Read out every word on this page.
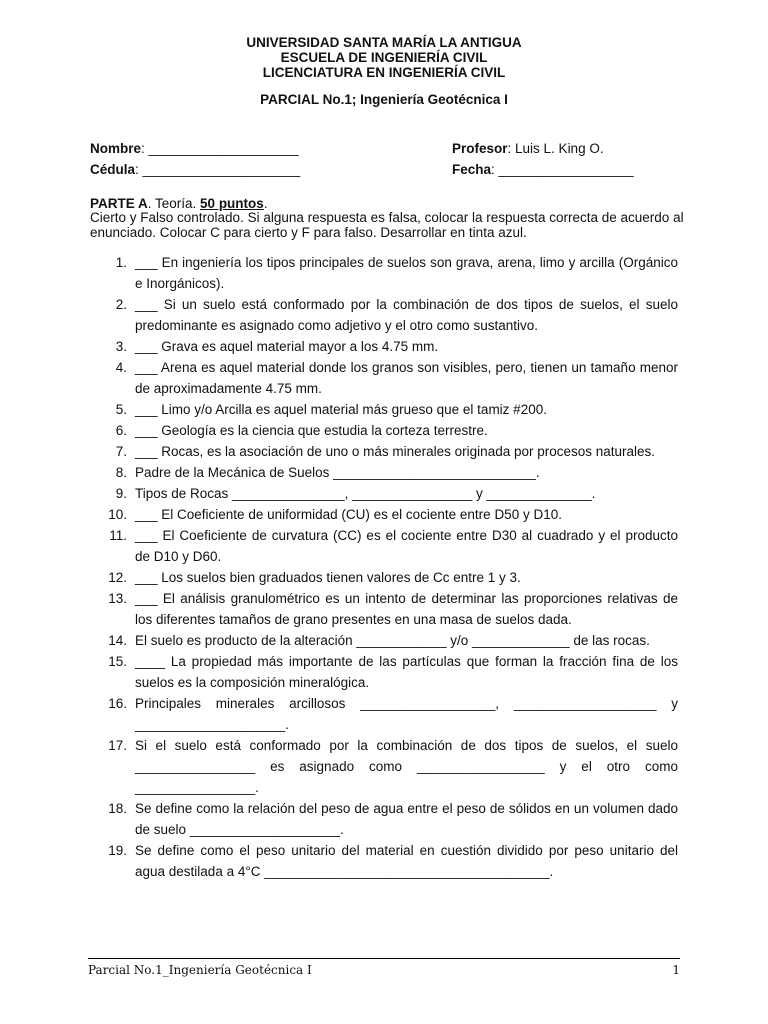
UNIVERSIDAD SANTA MARÍA LA ANTIGUA
ESCUELA DE INGENIERÍA CIVIL
LICENCIATURA EN INGENIERÍA CIVIL
PARCIAL No.1; Ingeniería Geotécnica I
Nombre: ____________________
Cédula: _____________________
Profesor: Luis L. King O.
Fecha: __________________
PARTE A. Teoría. 50 puntos.
Cierto y Falso controlado. Si alguna respuesta es falsa, colocar la respuesta correcta de acuerdo al enunciado. Colocar C para cierto y F para falso. Desarrollar en tinta azul.
1. ___ En ingeniería los tipos principales de suelos son grava, arena, limo y arcilla (Orgánico e Inorgánicos).
2. ___ Si un suelo está conformado por la combinación de dos tipos de suelos, el suelo predominante es asignado como adjetivo y el otro como sustantivo.
3. ___ Grava es aquel material mayor a los 4.75 mm.
4. ___ Arena es aquel material donde los granos son visibles, pero, tienen un tamaño menor de aproximadamente 4.75 mm.
5. ___ Limo y/o Arcilla es aquel material más grueso que el tamiz #200.
6. ___ Geología es la ciencia que estudia la corteza terrestre.
7. ___ Rocas, es la asociación de uno o más minerales originada por procesos naturales.
8. Padre de la Mecánica de Suelos ___________________________.
9. Tipos de Rocas _______________, ________________ y ______________.
10. ___ El Coeficiente de uniformidad (CU) es el cociente entre D50 y D10.
11. ___ El Coeficiente de curvatura (CC) es el cociente entre D30 al cuadrado y el producto de D10 y D60.
12. ___ Los suelos bien graduados tienen valores de Cc entre 1 y 3.
13. ___ El análisis granulométrico es un intento de determinar las proporciones relativas de los diferentes tamaños de grano presentes en una masa de suelos dada.
14. El suelo es producto de la alteración ____________ y/o _____________ de las rocas.
15. ____ La propiedad más importante de las partículas que forman la fracción fina de los suelos es la composición mineralógica.
16. Principales minerales arcillosos __________________, ___________________ y ____________________.
17. Si el suelo está conformado por la combinación de dos tipos de suelos, el suelo ________________ es asignado como _________________ y el otro como ________________.
18. Se define como la relación del peso de agua entre el peso de sólidos en un volumen dado de suelo ____________________.
19. Se define como el peso unitario del material en cuestión dividido por peso unitario del agua destilada a 4°C ______________________________________.
Parcial No.1_Ingeniería Geotécnica I	1
